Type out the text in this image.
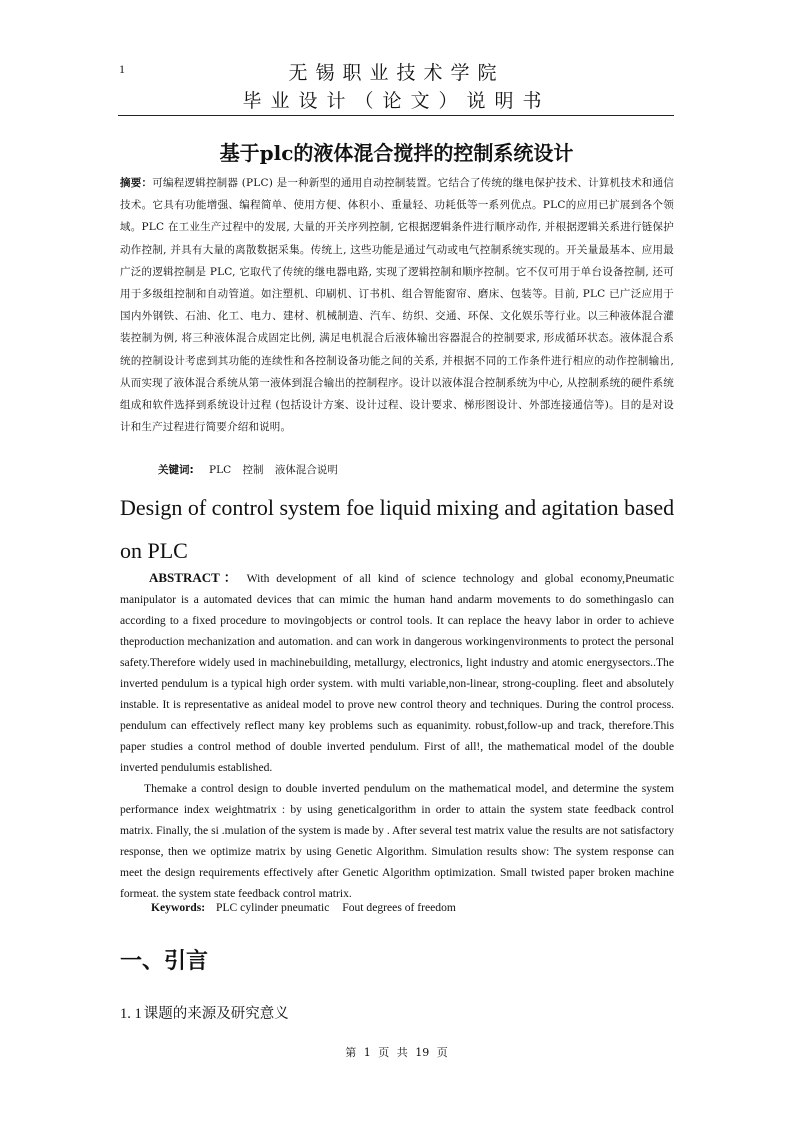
1	无锡职业技术学院
毕业设计（论文）说明书
基于plc的液体混合搅拌的控制系统设计
摘要：可编程逻辑控制器 (PLC) 是一种新型的通用自动控制装置。它结合了传统的继电保护技术、计算机技术和通信技术。它具有功能增强、编程简单、使用方便、体积小、重量轻、功耗低等一系列优点。PLC的应用已扩展到各个领域。PLC 在工业生产过程中的发展, 大量的开关序列控制, 它根据逻辑条件进行顺序动作, 并根据逻辑关系进行链保护动作控制, 并具有大量的离散数据采集。传统上, 这些功能是通过气动或电气控制系统实现的。开关量最基本、应用最广泛的逻辑控制是 PLC, 它取代了传统的继电器电路, 实现了逻辑控制和顺序控制。它不仅可用于单台设备控制, 还可用于多级组控制和自动管道。如注塑机、印刷机、订书机、组合智能窗帘、磨床、包装等。目前, PLC 已广泛应用于国内外钢铁、石油、化工、电力、建材、机械制造、汽车、纺织、交通、环保、文化娱乐等行业。以三种液体混合灌装控制为例, 将三种液体混合成固定比例, 满足电机混合后液体输出容器混合的控制要求, 形成循环状态。液体混合系统的控制设计考虑到其功能的连续性和各控制设备功能之间的关系, 并根据不同的工作条件进行相应的动作控制输出,从而实现了液体混合系统从第一液体到混合输出的控制程序。设计以液体混合控制系统为中心, 从控制系统的硬件系统组成和软件选择到系统设计过程 (包括设计方案、设计过程、设计要求、梯形图设计、外部连接通信等)。目的是对设计和生产过程进行简要介绍和说明。
关键词: PLC 控制 液体混合说明
Design of control system foe liquid mixing and agitation based on PLC

ABSTRACT： With development of all kind of science technology and global economy,Pneumatic manipulator is a automated devices that can mimic the human hand andarm movements to do somethingaslo can according to a fixed procedure to movingobjects or control tools. It can replace the heavy labor in order to achieve theproduction mechanization and automation. and can work in dangerous workingenvironments to protect the personal safety.Therefore widely used in machinebuilding, metallurgy, electronics, light industry and atomic energysectors..The inverted pendulum is a typical high order system. with multi variable,non-linear, strong-coupling. fleet and absolutely instable. It is representative as anideal model to prove new control theory and techniques. During the control process. pendulum can effectively reflect many key problems such as equanimity. robust,follow-up and track, therefore.This paper studies a control method of double inverted pendulum. First of all!, the mathematical model of the double inverted pendulumis established.

Themake a control design to double inverted pendulum on the mathematical model, and determine the system performance index weightmatrix : by using geneticalgorithm in order to attain the system state feedback control matrix. Finally, the si .mulation of the system is made by . After several test matrix value the results are not satisfactory response, then we optimize matrix by using Genetic Algorithm. Simulation results show: The system response can meet the design requirements effectively after Genetic Algorithm optimization. Small twisted paper broken machine formeat. the system state feedback control matrix.

Keywords: PLC cylinder pneumatic Fout degrees of freedom
一、引言
1. 1 课题的来源及研究意义
第 1 页 共 19 页
